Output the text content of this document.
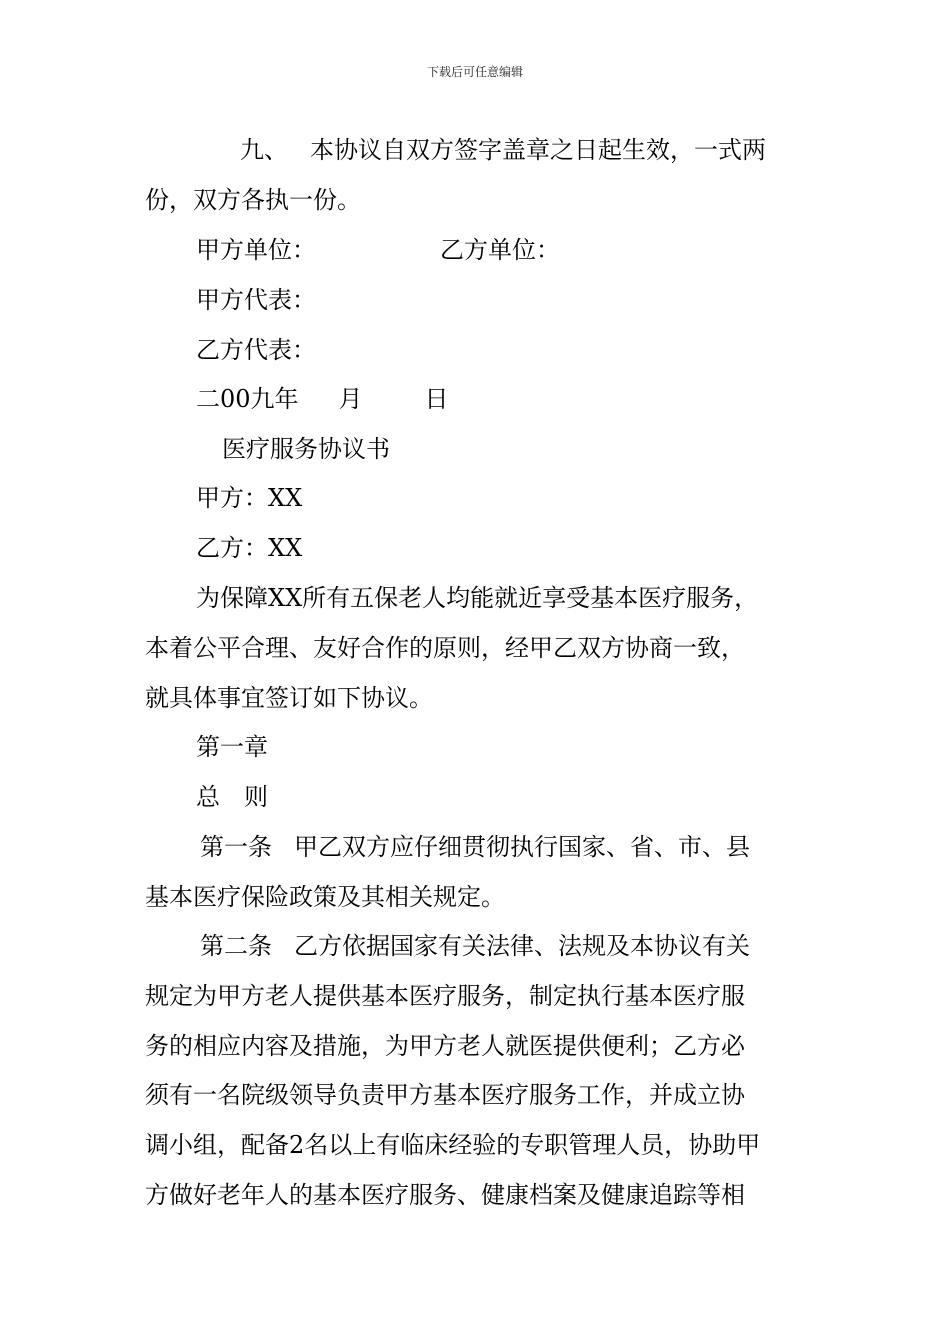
下载后可任意编辑
九、 本协议自双方签字盖章之日起生效，一式两
份，双方各执一份。
甲方单位：	乙方单位：
甲方代表：
乙方代表：
二00九年 月	日
医疗服务协议书
甲方：XX
乙方：XX
为保障XX所有五保老人均能就近享受基本医疗服务，
本着公平合理、友好合作的原则，经甲乙双方协商一致，
就具体事宜签订如下协议。
第一章
总　则
第一条 甲乙双方应仔细贯彻执行国家、省、市、县
基本医疗保险政策及其相关规定。
第二条 乙方依据国家有关法律、法规及本协议有关
规定为甲方老人提供基本医疗服务，制定执行基本医疗服
务的相应内容及措施，为甲方老人就医提供便利；乙方必
须有一名院级领导负责甲方基本医疗服务工作，并成立协
调小组，配备2名以上有临床经验的专职管理人员，协助甲
方做好老年人的基本医疗服务、健康档案及健康追踪等相
